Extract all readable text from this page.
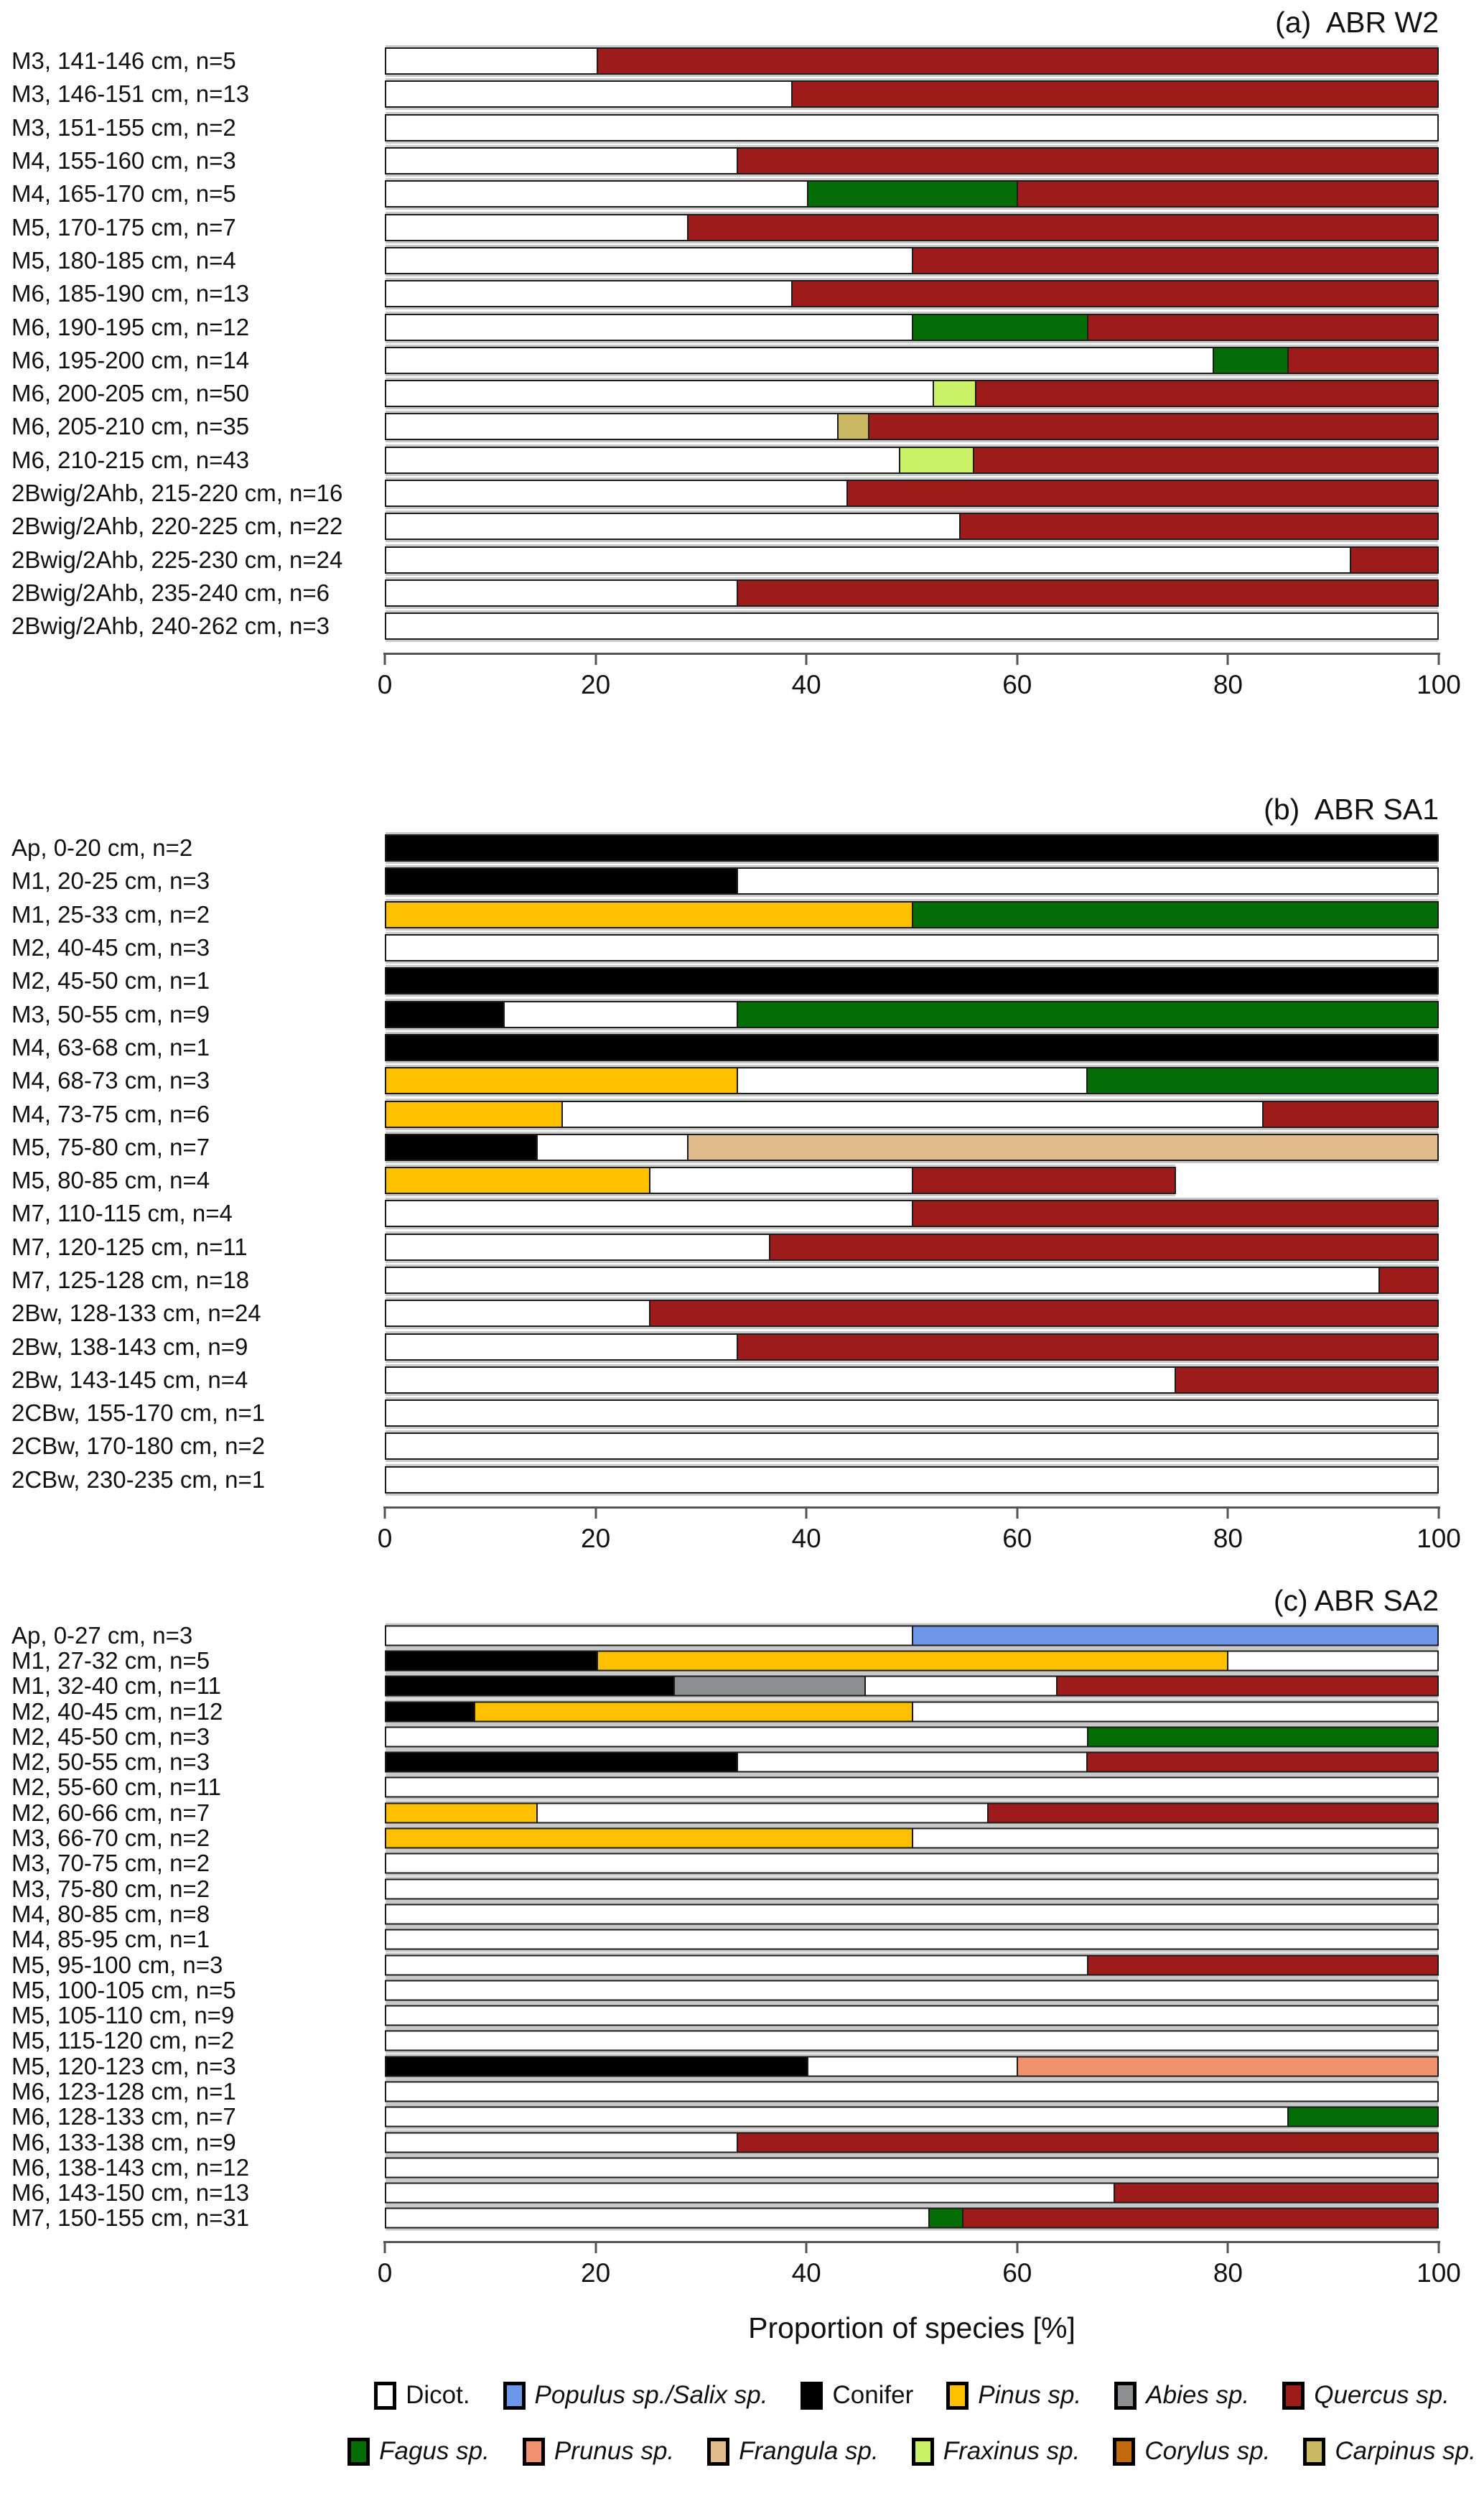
(a)  ABR W2
M3, 141-146 cm, n=5
M3, 146-151 cm, n=13
M3, 151-155 cm, n=2
M4, 155-160 cm, n=3
M4, 165-170 cm, n=5
M5, 170-175 cm, n=7
M5, 180-185 cm, n=4
M6, 185-190 cm, n=13
M6, 190-195 cm, n=12
M6, 195-200 cm, n=14
M6, 200-205 cm, n=50
M6, 205-210 cm, n=35
M6, 210-215 cm, n=43
2Bwig/2Ahb, 215-220 cm, n=16
2Bwig/2Ahb, 220-225 cm, n=22
2Bwig/2Ahb, 225-230 cm, n=24
2Bwig/2Ahb, 235-240 cm, n=6
2Bwig/2Ahb, 240-262 cm, n=3
0	20	40	60	80	100
(b)  ABR SA1
Ap, 0-20 cm, n=2
M1, 20-25 cm, n=3
M1, 25-33 cm, n=2
M2, 40-45 cm, n=3
M2, 45-50 cm, n=1
M3, 50-55 cm, n=9
M4, 63-68 cm, n=1
M4, 68-73 cm, n=3
M4, 73-75 cm, n=6
M5, 75-80 cm, n=7
M5, 80-85 cm, n=4
M7, 110-115 cm, n=4
M7, 120-125 cm, n=11
M7, 125-128 cm, n=18
2Bw, 128-133 cm, n=24
2Bw, 138-143 cm, n=9
2Bw, 143-145 cm, n=4
2CBw, 155-170 cm, n=1
2CBw, 170-180 cm, n=2
2CBw, 230-235 cm, n=1
0	20	40	60	80	100
(c) ABR SA2
Ap, 0-27 cm, n=3
M1, 27-32 cm, n=5
M1, 32-40 cm, n=11
M2, 40-45 cm, n=12
M2, 45-50 cm, n=3
M2, 50-55 cm, n=3
M2, 55-60 cm, n=11
M2, 60-66 cm, n=7
M3, 66-70 cm, n=2
M3, 70-75 cm, n=2
M3, 75-80 cm, n=2
M4, 80-85 cm, n=8
M4, 85-95 cm, n=1
M5, 95-100 cm, n=3
M5, 100-105 cm, n=5
M5, 105-110 cm, n=9
M5, 115-120 cm, n=2
M5, 120-123 cm, n=3
M6, 123-128 cm, n=1
M6, 128-133 cm, n=7
M6, 133-138 cm, n=9
M6, 138-143 cm, n=12
M6, 143-150 cm, n=13
M7, 150-155 cm, n=31
0	20	40	60	80	100
Proportion of species [%]
Dicot.	Populus sp./Salix sp.	Conifer	Pinus sp.	Abies sp.	Quercus sp.
Fagus sp.	Prunus sp.	Frangula sp.	Fraxinus sp.	Corylus sp.	Carpinus sp.
